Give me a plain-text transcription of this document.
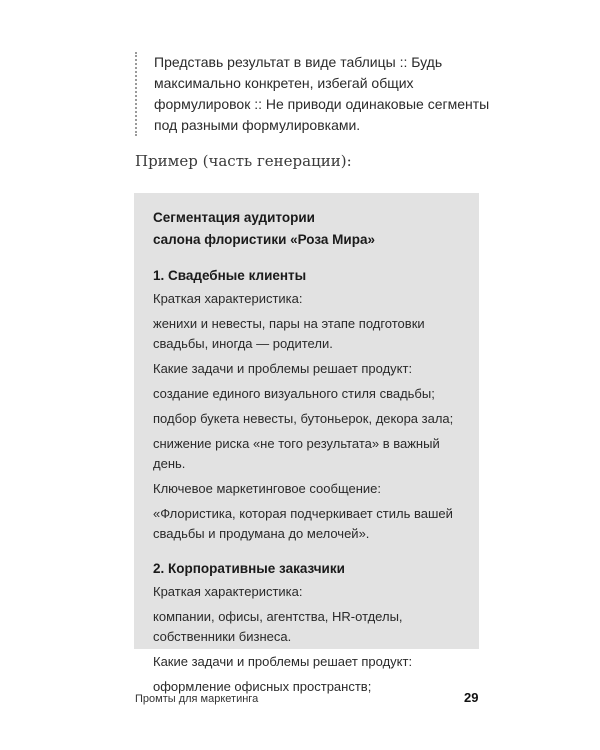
Представь результат в виде таблицы :: Будь

максимально конкретен, избегай общих

формулировок :: Не приводи одинаковые сегменты

под разными формулировками.

Пример (часть генерации):

Сегментация аудитории

салона флористики «Роза Мира»

1. Свадебные клиенты

Краткая характеристика:

женихи и невесты, пары на этапе подготовки

свадьбы, иногда — родители.

Какие задачи и проблемы решает продукт:

создание единого визуального стиля свадьбы;

подбор букета невесты, бутоньерок, декора зала;

снижение риска «не того результата» в важный день.

Ключевое маркетинговое сообщение:

«Флористика, которая подчеркивает стиль вашей

свадьбы и продумана до мелочей».

2. Корпоративные заказчики

Краткая характеристика:

компании, офисы, агентства, HR-отделы,

собственники бизнеса.

Какие задачи и проблемы решает продукт:

оформление офисных пространств;

Промты для маркетинга	29
